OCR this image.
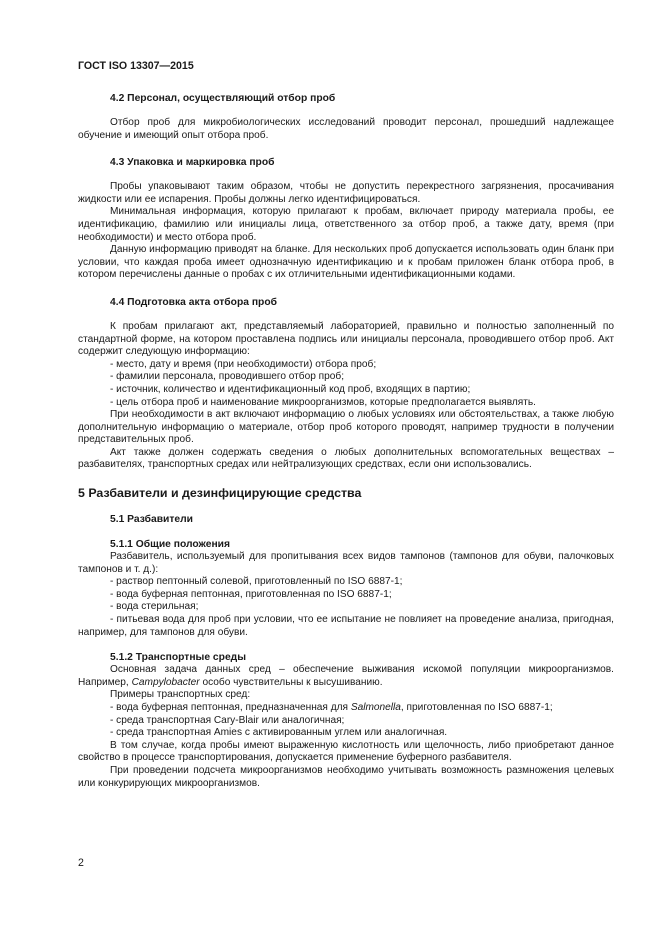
ГОСТ ISO 13307—2015
4.2 Персонал, осуществляющий отбор проб

Отбор проб для микробиологических исследований проводит персонал, прошедший надлежащее обучение и имеющий опыт отбора проб.

4.3 Упаковка и маркировка проб

Пробы упаковывают таким образом, чтобы не допустить перекрестного загрязнения, просачивания жидкости или ее испарения. Пробы должны легко идентифицироваться.

Минимальная информация, которую прилагают к пробам, включает природу материала пробы, ее идентификацию, фамилию или инициалы лица, ответственного за отбор проб, а также дату, время (при необходимости) и место отбора проб.

Данную информацию приводят на бланке. Для нескольких проб допускается использовать один бланк при условии, что каждая проба имеет однозначную идентификацию и к пробам приложен бланк отбора проб, в котором перечислены данные о пробах с их отличительными идентификационными кодами.

4.4 Подготовка акта отбора проб

К пробам прилагают акт, представляемый лабораторией, правильно и полностью заполненный по стандартной форме, на котором проставлена подпись или инициалы персонала, проводившего отбор проб. Акт содержит следующую информацию:

- место, дату и время (при необходимости) отбора проб;

- фамилии персонала, проводившего отбор проб;

- источник, количество и идентификационный код проб, входящих в партию;

- цель отбора проб и наименование микроорганизмов, которые предполагается выявлять.

При необходимости в акт включают информацию о любых условиях или обстоятельствах, а также любую дополнительную информацию о материале, отбор проб которого проводят, например трудности в получении представительных проб.

Акт также должен содержать сведения о любых дополнительных вспомогательных веществах – разбавителях, транспортных средах или нейтрализующих средствах, если они использовались.

5 Разбавители и дезинфицирующие средства
5.1 Разбавители
5.1.1 Общие положения

Разбавитель, используемый для пропитывания всех видов тампонов (тампонов для обуви, палочковых тампонов и т. д.):

- раствор пептонный солевой, приготовленный по ISO 6887-1;

- вода буферная пептонная, приготовленная по ISO 6887-1;

- вода стерильная;

- питьевая вода для проб при условии, что ее испытание не повлияет на проведение анализа, пригодная, например, для тампонов для обуви.

5.1.2 Транспортные среды

Основная задача данных сред – обеспечение выживания искомой популяции микроорганизмов. Например, Campylobacter особо чувствительны к высушиванию.

Примеры транспортных сред:

- вода буферная пептонная, предназначенная для Salmonella, приготовленная по ISO 6887-1;

- среда транспортная Cary-Blair или аналогичная;

- среда транспортная Amies с активированным углем или аналогичная.

В том случае, когда пробы имеют выраженную кислотность или щелочность, либо приобретают данное свойство в процессе транспортирования, допускается применение буферного разбавителя.

При проведении подсчета микроорганизмов необходимо учитывать возможность размножения целевых или конкурирующих микроорганизмов.

2
